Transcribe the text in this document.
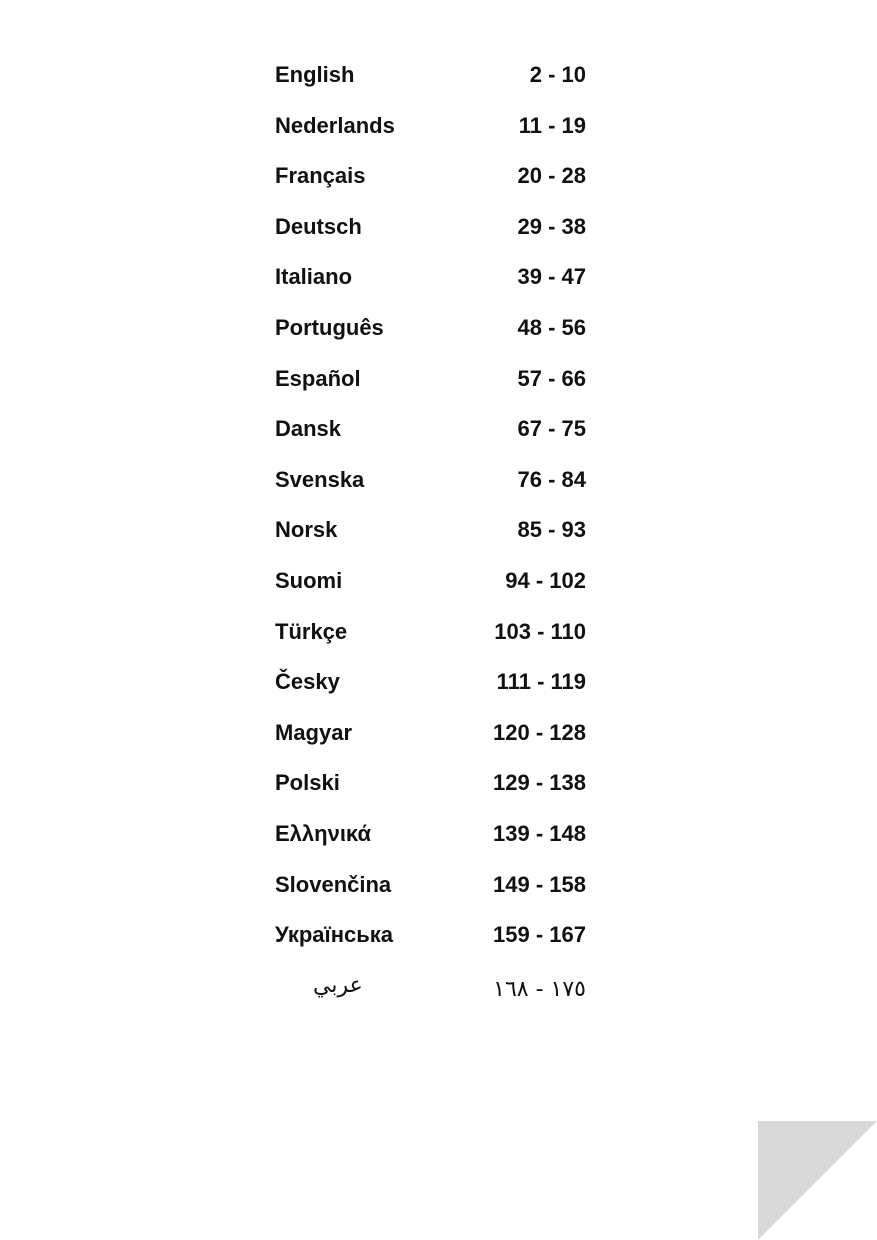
English	2 - 10
Nederlands	11 - 19
Français	20 - 28
Deutsch	29 - 38
Italiano	39 - 47
Português	48 - 56
Español	57 - 66
Dansk	67 - 75
Svenska	76 - 84
Norsk	85 - 93
Suomi	94 - 102
Türkçe	103 - 110
Česky	111 - 119
Magyar	120 - 128
Polski	129 - 138
Ελληνικά	139 - 148
Slovenčina	149 - 158
Українська	159 - 167
عربي	١٧٥ - ١٦٨
